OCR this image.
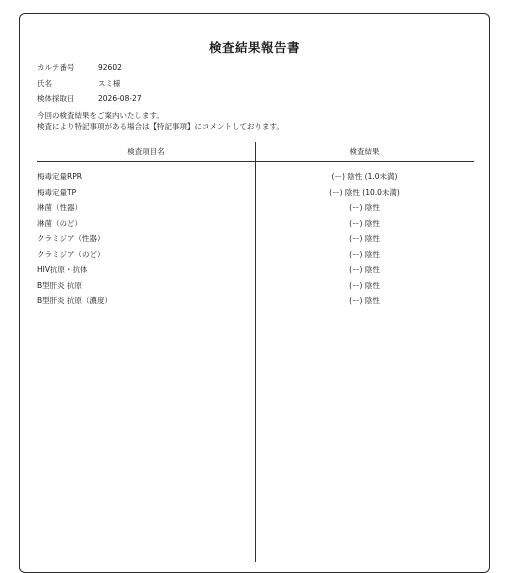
検査結果報告書
カルテ番号	92602
氏名	スミ様
検体採取日	2026-08-27
今回の検査結果をご案内いたします。
検査により特記事項がある場合は【特記事項】にコメントしております。
検査項目名	検査結果
梅毒定量RPR	(ー) 陰性 (1.0未満)
梅毒定量TP	(ー) 陰性 (10.0未満)
淋菌（性器）	(ー) 陰性
淋菌（のど）	(ー) 陰性
クラミジア（性器）	(ー) 陰性
クラミジア（のど）	(ー) 陰性
HIV抗原・抗体	(ー) 陰性
B型肝炎 抗原	(ー) 陰性
B型肝炎 抗原（濃度）	(ー) 陰性
